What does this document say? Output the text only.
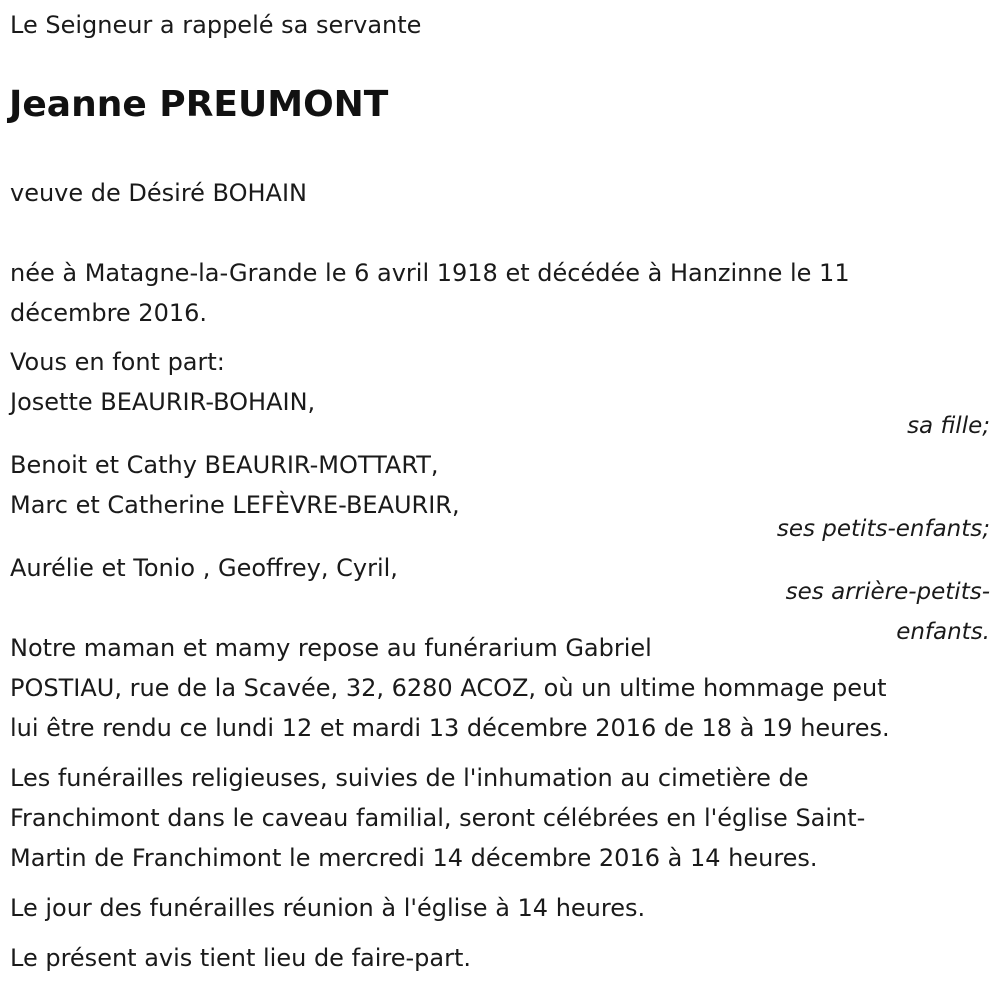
Le Seigneur a rappelé sa servante

Jeanne PREUMONT

veuve de Désiré BOHAIN

née à Matagne-la-Grande le 6 avril 1918 et décédée à Hanzinne le 11 décembre 2016.

Vous en font part:

Josette BEAURIR-BOHAIN,

sa fille;

Benoit et Cathy BEAURIR-MOTTART,

Marc et Catherine LEFÈVRE-BEAURIR,

ses petits-enfants;

Aurélie et Tonio , Geoffrey, Cyril,

ses arrière-petits-

enfants.

Notre maman et mamy repose au funérarium Gabriel

POSTIAU, rue de la Scavée, 32, 6280 ACOZ, où un ultime hommage peut

lui être rendu ce lundi 12 et mardi 13 décembre 2016 de 18 à 19 heures.

Les funérailles religieuses, suivies de l'inhumation au cimetière de

Franchimont dans le caveau familial, seront célébrées en l'église Saint-

Martin de Franchimont le mercredi 14 décembre 2016 à 14 heures.

Le jour des funérailles réunion à l'église à 14 heures.

Le présent avis tient lieu de faire-part.
